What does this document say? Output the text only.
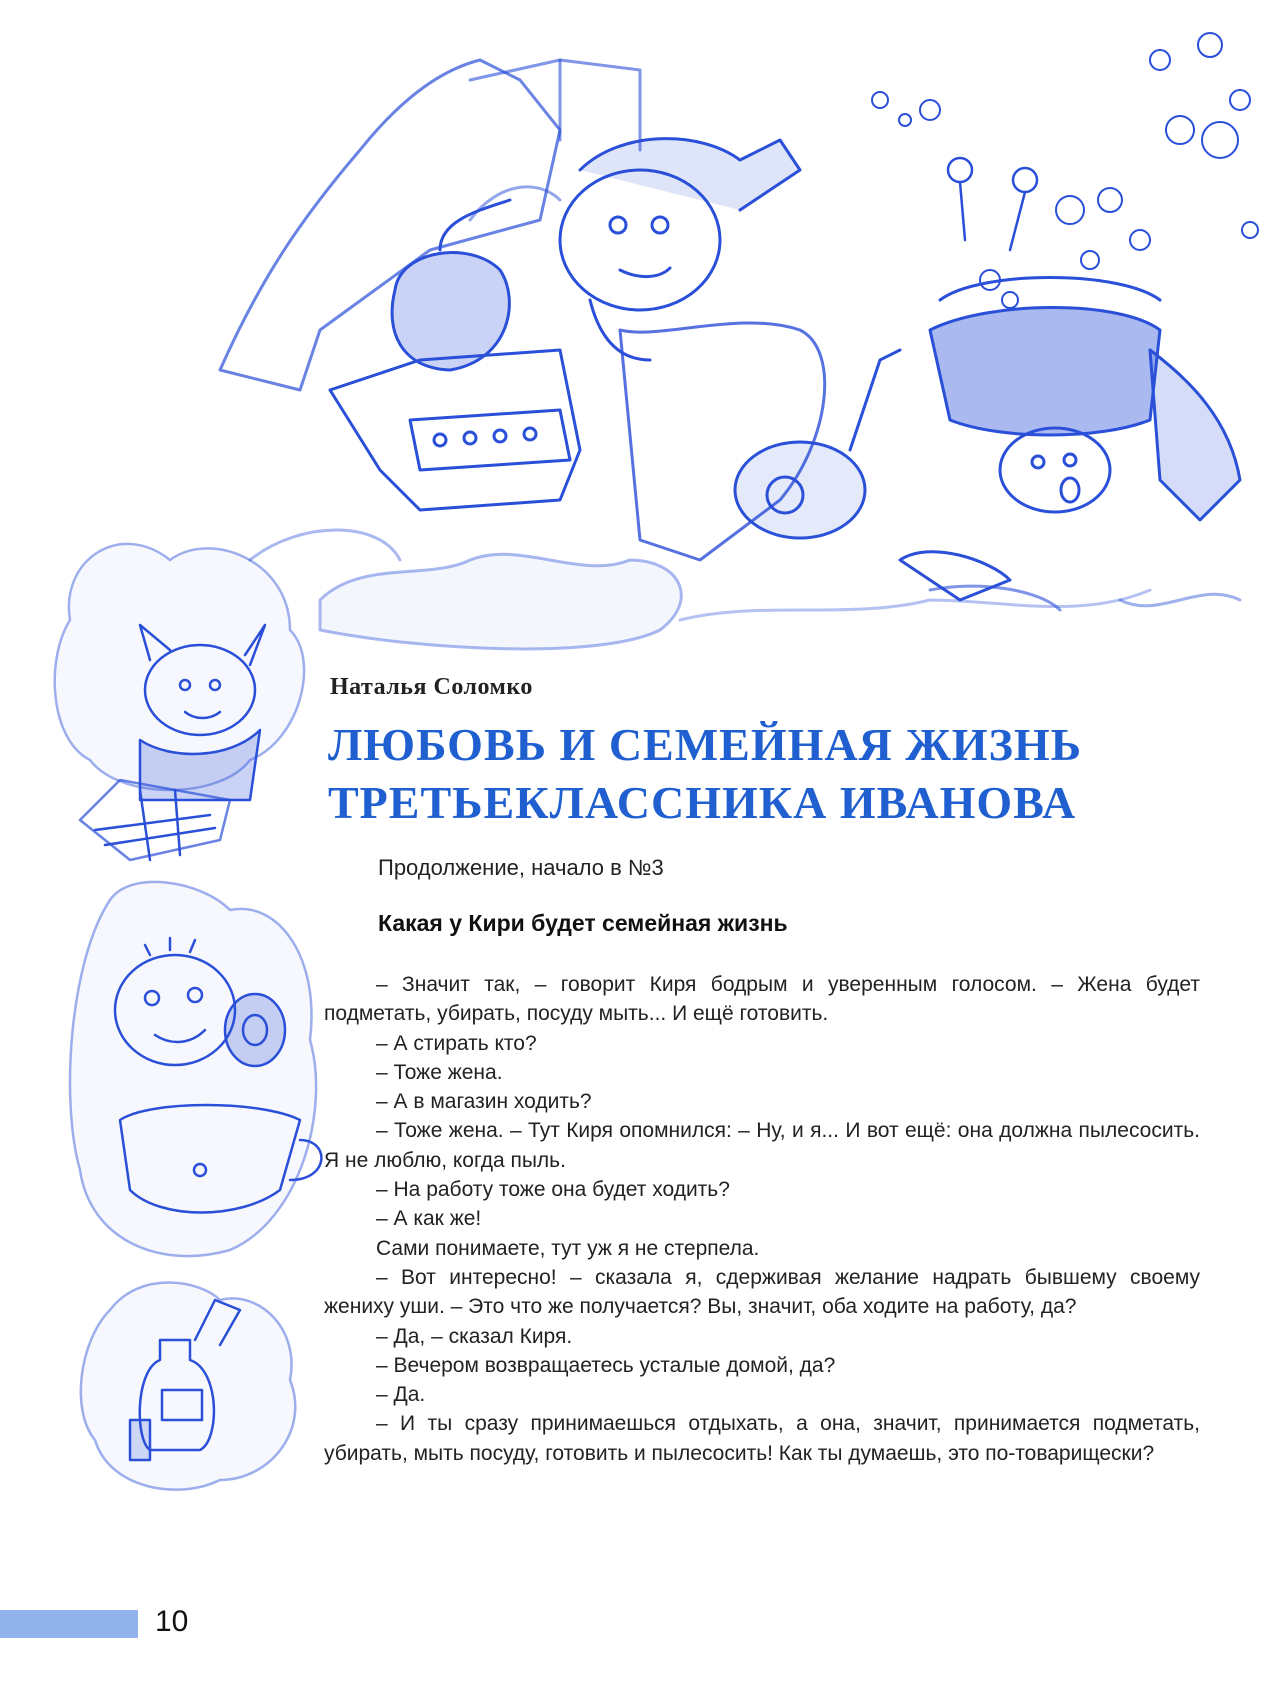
Наталья Соломко
ЛЮБОВЬ И СЕМЕЙНАЯ ЖИЗНЬ
ТРЕТЬЕКЛАССНИКА ИВАНОВА
Продолжение, начало в №3
Какая у Кири будет семейная жизнь

– Значит так, – говорит Киря бодрым и уверенным голосом. – Жена будет подметать, убирать, посуду мыть... И ещё готовить.

– А стирать кто?

– Тоже жена.

– А в магазин ходить?

– Тоже жена. – Тут Киря опомнился: – Ну, и я... И вот ещё: она должна пылесосить. Я не люблю, когда пыль.

– На работу тоже она будет ходить?

– А как же!

Сами понимаете, тут уж я не стерпела.

– Вот интересно! – сказала я, сдерживая желание надрать бывшему своему жениху уши. – Это что же получается? Вы, значит, оба ходите на работу, да?

– Да, – сказал Киря.

– Вечером возвращаетесь усталые домой, да?

– Да.

– И ты сразу принимаешься отдыхать, а она, значит, принимается подметать, убирать, мыть посуду, готовить и пылесосить! Как ты думаешь, это по-товарищески?

10
